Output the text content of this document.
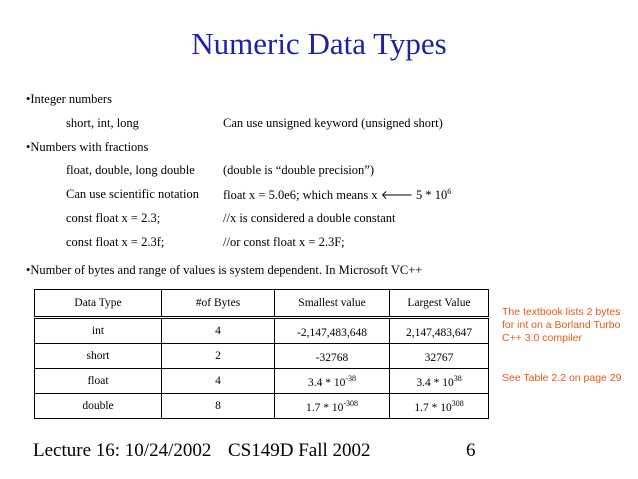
Numeric Data Types
•Integer numbers
short, int, long	Can use unsigned keyword (unsigned short)
•Numbers with fractions
float, double, long double (double is “double precision”)
Can use scientific notation float x = 5.0e6; which means x 🡐 $5 * 10^6$
const float x = 2.3;	//x is considered a double constant
const float x = 2.3f;	//or const float x = 2.3F;
•Number of bytes and range of values is system dependent. In Microsoft VC++
Data Type	#of Bytes	Smallest value	Largest Value
int	4	-2,147,483,648	2,147,483,647
short	2	-32768	32767
float	4	$3.4 * 10^{-38}$	$3.4 * 10^{38}$
double	8	$1.7 * 10^{-308}$	$1.7 * 10^{308}$
The textbook lists 2 bytes for int on a Borland Turbo C++ 3.0 compiler
See Table 2.2 on page 29
Lecture 16: 10/24/2002 CS149D Fall 2002	6
